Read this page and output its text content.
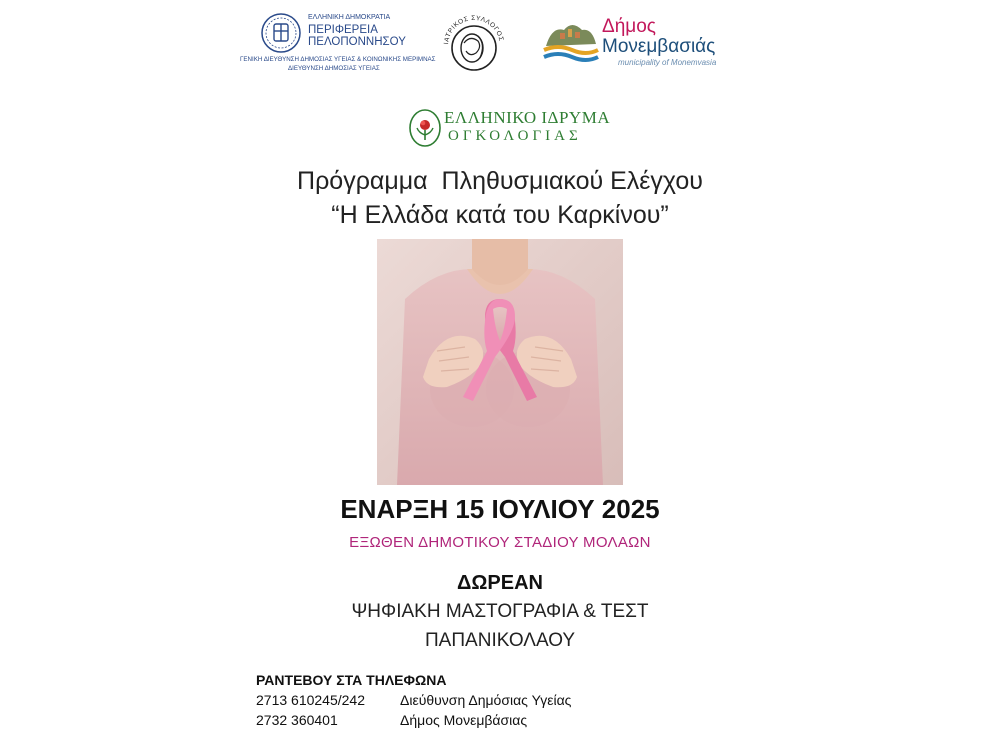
ΕΛΛΗΝΙΚΗ ΔΗΜΟΚΡΑΤΙΑ
ΠΕΡΙΦΕΡΕΙΑ
ΠΕΛΟΠΟΝΝΗΣΟΥ
ΓΕΝΙΚΗ ΔΙΕΥΘΥΝΣΗ ΔΗΜΟΣΙΑΣ ΥΓΕΙΑΣ & ΚΟΙΝΩΝΙΚΗΣ ΜΕΡΙΜΝΑΣ
ΔΙΕΥΘΥΝΣΗ ΔΗΜΟΣΙΑΣ ΥΓΕΙΑΣ
ΙΑΤΡΙΚΟΣ ΣΥΛΛΟΓΟΣ
Δήμος
Μονεμβασιάς
municipality of Monemvasia
ΕΛΛΗΝΙΚΟ ΙΔΡΥΜΑ
ΟΓΚΟΛΟΓΙΑΣ
Πρόγραμμα  Πληθυσμιακού Ελέγχου
“Η Ελλάδα κατά του Καρκίνου”
ΕΝΑΡΞΗ 15 ΙΟΥΛΙΟΥ 2025
ΕΞΩΘΕΝ ΔΗΜΟΤΙΚΟΥ ΣΤΑΔΙΟΥ ΜΟΛΑΩΝ
ΔΩΡΕΑΝ
ΨΗΦΙΑΚΗ ΜΑΣΤΟΓΡΑΦΙΑ & ΤΕΣΤ
ΠΑΠΑΝΙΚΟΛΑΟΥ
ΡΑΝΤΕΒΟΥ ΣΤΑ ΤΗΛΕΦΩΝΑ
2713 610245/242	Διεύθυνση Δημόσιας Υγείας
2732 360401	Δήμος Μονεμβάσιας
